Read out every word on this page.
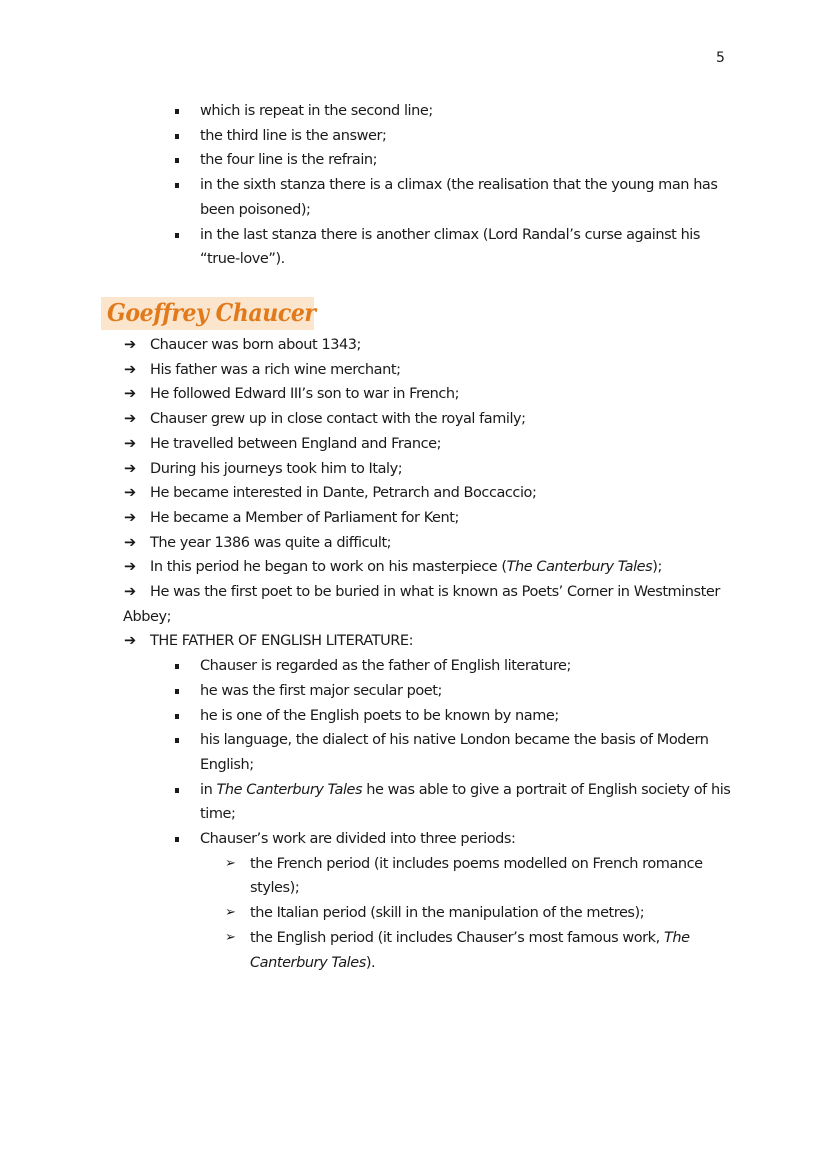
5
which is repeat in the second line;
the third line is the answer;
the four line is the refrain;
in the sixth stanza there is a climax (the realisation that the young man has been poisoned);
in the last stanza there is another climax (Lord Randal’s curse against his “true-love”).
Goeffrey Chaucer
➔ Chaucer was born about 1343;
➔ His father was a rich wine merchant;
➔ He followed Edward III’s son to war in French;
➔ Chauser grew up in close contact with the royal family;
➔ He travelled between England and France;
➔ During his journeys took him to Italy;
➔ He became interested in Dante, Petrarch and Boccaccio;
➔ He became a Member of Parliament for Kent;
➔ The year 1386 was quite a difficult;
➔ In this period he began to work on his masterpiece (The Canterbury Tales);
➔ He was the first poet to be buried in what is known as Poets’ Corner in Westminster
Abbey;
➔ THE FATHER OF ENGLISH LITERATURE:
Chauser is regarded as the father of English literature;
he was the first major secular poet;
he is one of the English poets to be known by name;
his language, the dialect of his native London became the basis of Modern English;
in The Canterbury Tales he was able to give a portrait of English society of his time;
Chauser’s work are divided into three periods:
➢ the French period (it includes poems modelled on French romance styles);
➢ the Italian period (skill in the manipulation of the metres);
➢ the English period (it includes Chauser’s most famous work, The Canterbury Tales).
